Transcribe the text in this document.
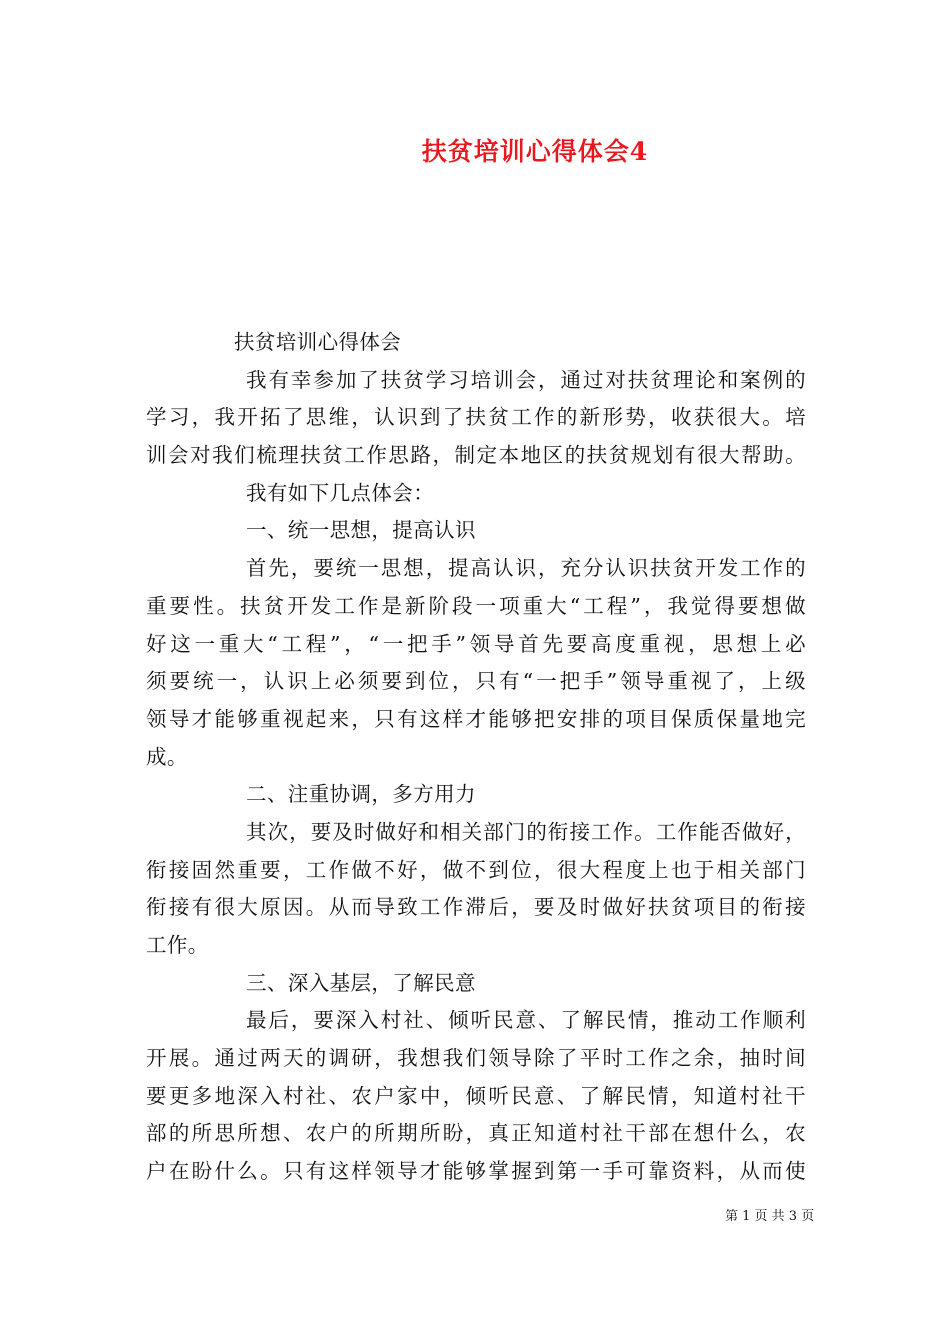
扶贫培训心得体会4
扶贫培训心得体会
我有幸参加了扶贫学习培训会，通过对扶贫理论和案例的
学习，我开拓了思维，认识到了扶贫工作的新形势，收获很大。培
训会对我们梳理扶贫工作思路，制定本地区的扶贫规划有很大帮助。
我有如下几点体会：
一、统一思想，提高认识
首先，要统一思想，提高认识，充分认识扶贫开发工作的
重要性。扶贫开发工作是新阶段一项重大“工程”，我觉得要想做
好这一重大“工程”，“一把手”领导首先要高度重视，思想上必
须要统一，认识上必须要到位，只有“一把手”领导重视了，上级
领导才能够重视起来，只有这样才能够把安排的项目保质保量地完
成。
二、注重协调，多方用力
其次，要及时做好和相关部门的衔接工作。工作能否做好，
衔接固然重要，工作做不好，做不到位，很大程度上也于相关部门
衔接有很大原因。从而导致工作滞后，要及时做好扶贫项目的衔接
工作。
三、深入基层，了解民意
最后，要深入村社、倾听民意、了解民情，推动工作顺利
开展。通过两天的调研，我想我们领导除了平时工作之余，抽时间
要更多地深入村社、农户家中，倾听民意、了解民情，知道村社干
部的所思所想、农户的所期所盼，真正知道村社干部在想什么，农
户在盼什么。只有这样领导才能够掌握到第一手可靠资料，从而使
第 1 页 共 3 页
